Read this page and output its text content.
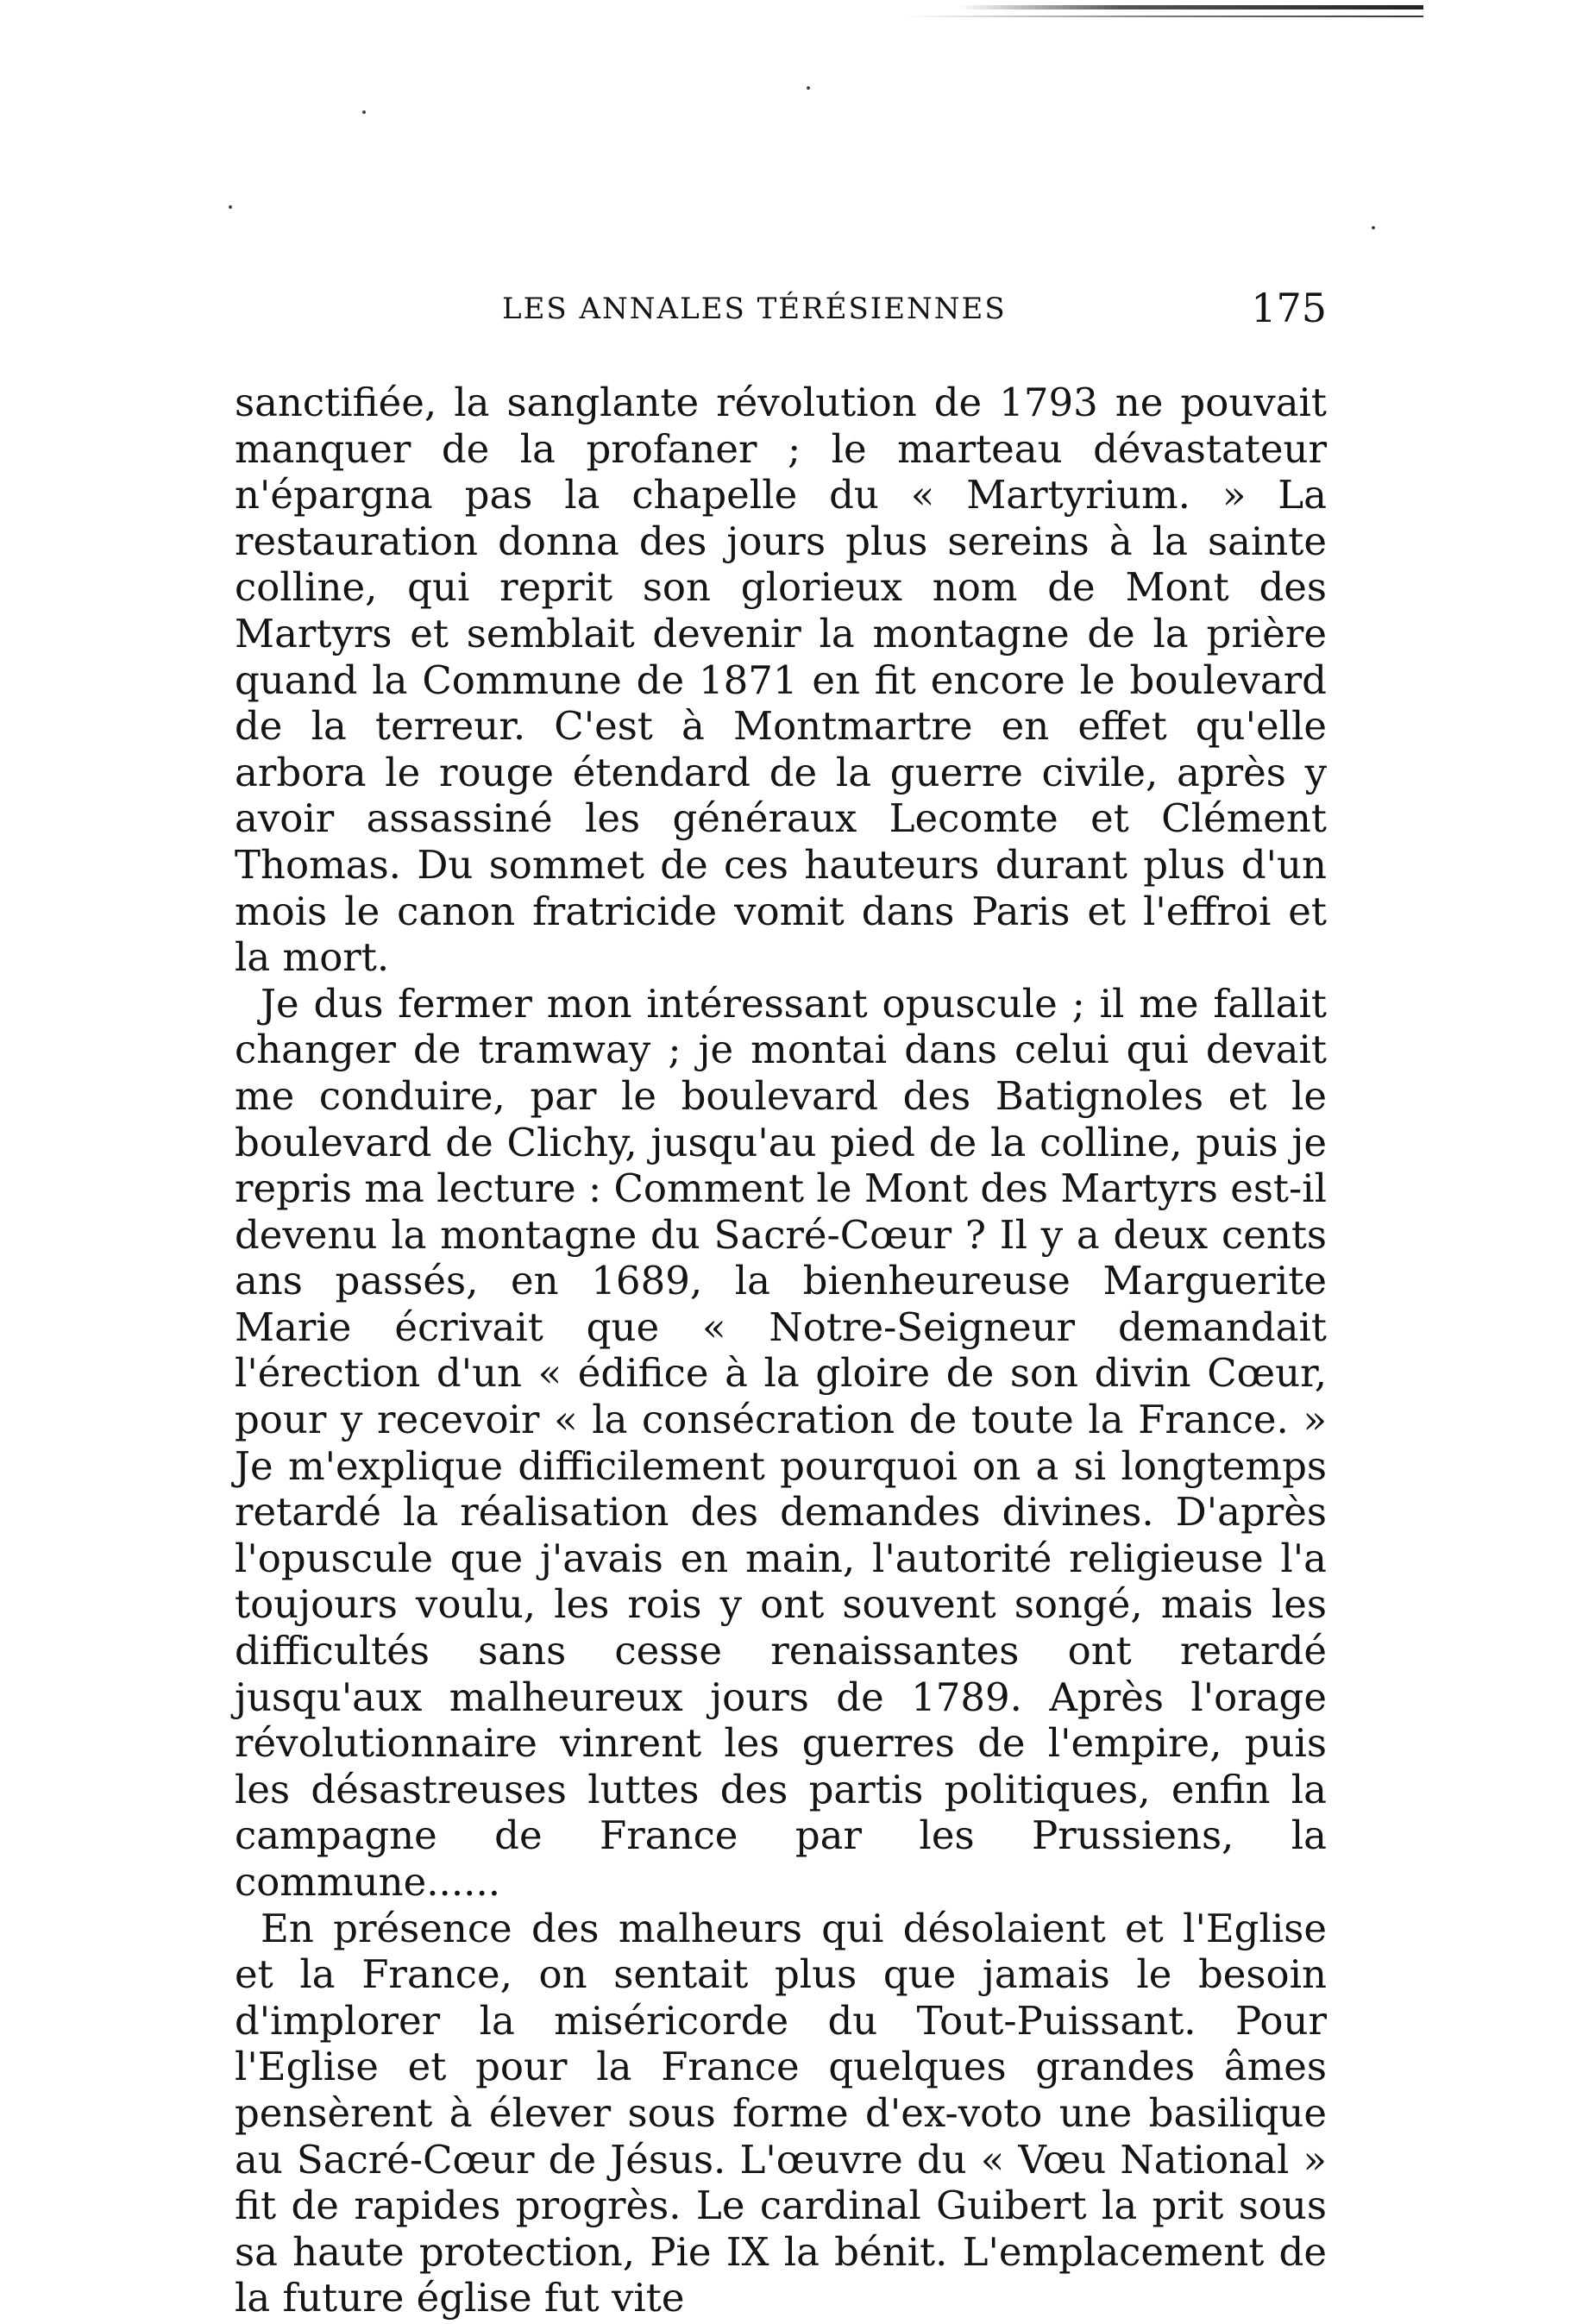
LES ANNALES TÉRÉSIENNES	175

sanctifiée, la sanglante révolution de 1793 ne pouvait manquer de la profaner ; le marteau dévastateur n'épargna pas la chapelle du « Martyrium. » La restauration donna des jours plus sereins à la sainte colline, qui reprit son glorieux nom de Mont des Martyrs et semblait devenir la montagne de la prière quand la Commune de 1871 en fit encore le boulevard de la terreur. C'est à Montmartre en effet qu'elle arbora le rouge étendard de la guerre civile, après y avoir assassiné les généraux Lecomte et Clément Thomas. Du sommet de ces hauteurs durant plus d'un mois le canon fratricide vomit dans Paris et l'effroi et la mort.

Je dus fermer mon intéressant opuscule ; il me fallait changer de tramway ; je montai dans celui qui devait me conduire, par le boulevard des Batignoles et le boulevard de Clichy, jusqu'au pied de la colline, puis je repris ma lecture : Comment le Mont des Martyrs est-il devenu la montagne du Sacré-Cœur ? Il y a deux cents ans passés, en 1689, la bienheureuse Marguerite Marie écrivait que « Notre-Seigneur demandait l'érection d'un « édifice à la gloire de son divin Cœur, pour y recevoir « la consécration de toute la France. » Je m'explique difficilement pourquoi on a si longtemps retardé la réalisation des demandes divines. D'après l'opuscule que j'avais en main, l'autorité religieuse l'a toujours voulu, les rois y ont souvent songé, mais les difficultés sans cesse renaissantes ont retardé jusqu'aux malheureux jours de 1789. Après l'orage révolutionnaire vinrent les guerres de l'empire, puis les désastreuses luttes des partis politiques, enfin la campagne de France par les Prussiens, la commune......

En présence des malheurs qui désolaient et l'Eglise et la France, on sentait plus que jamais le besoin d'implorer la miséricorde du Tout-Puissant. Pour l'Eglise et pour la France quelques grandes âmes pensèrent à élever sous forme d'ex-voto une basilique au Sacré-Cœur de Jésus. L'œuvre du « Vœu National » fit de rapides progrès. Le cardinal Guibert la prit sous sa haute protection, Pie IX la bénit. L'emplacement de la future église fut vite
